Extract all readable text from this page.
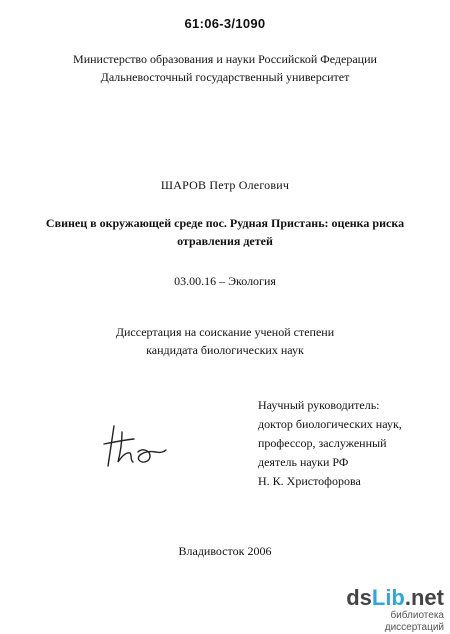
61:06-3/1090
Министерство образования и науки Российской Федерации
Дальневосточный государственный университет
ШАРОВ Петр Олегович
Свинец в окружающей среде пос. Рудная Пристань: оценка риска
отравления детей
03.00.16 – Экология
Диссертация на соискание ученой степени
кандидата биологических наук
Научный руководитель:
доктор биологических наук,
профессор, заслуженный
деятель науки РФ
Н. К. Христофорова
Владивосток 2006
dsLib.net
библиотека диссертаций
